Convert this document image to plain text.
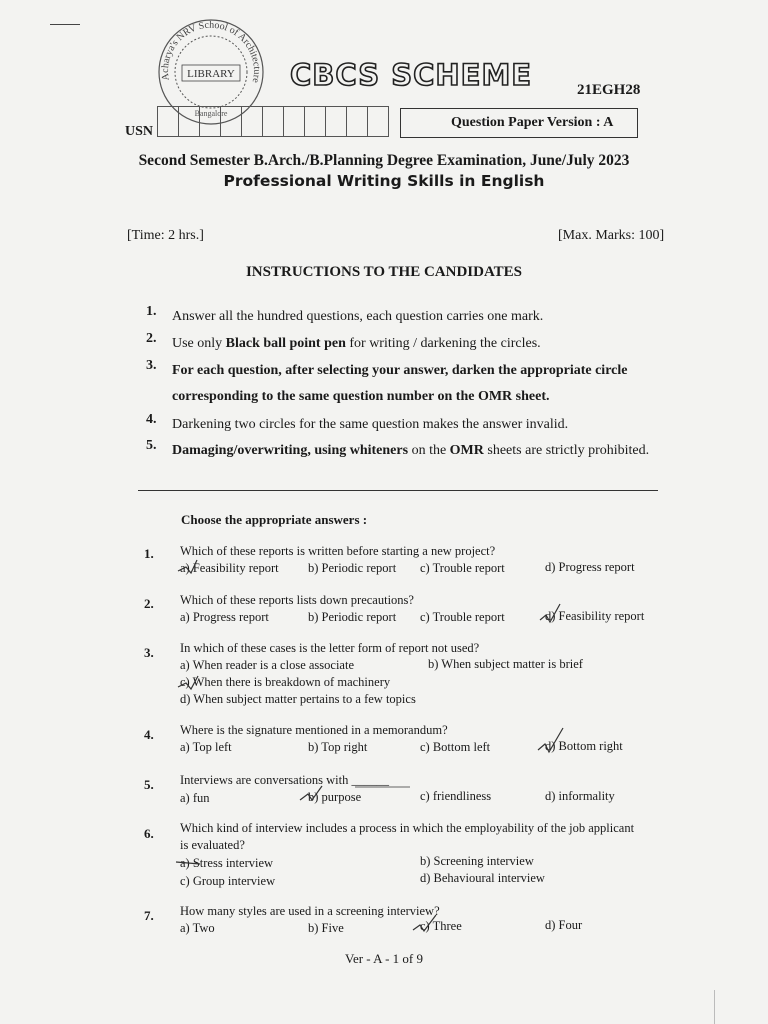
Acharya's NRV School of Architecture
LIBRARY
Bangalore
CBCS SCHEME	21EGH28
USN
Question Paper Version : A
Second Semester B.Arch./B.Planning Degree Examination, June/July 2023
Professional Writing Skills in English
[Time: 2 hrs.]	[Max. Marks: 100]
INSTRUCTIONS TO THE CANDIDATES
1. Answer all the hundred questions, each question carries one mark.
2. Use only Black ball point pen for writing / darkening the circles.
3. For each question, after selecting your answer, darken the appropriate circle corresponding to the same question number on the OMR sheet.
4. Darkening two circles for the same question makes the answer invalid.
5. Damaging/overwriting, using whiteners on the OMR sheets are strictly prohibited.
Choose the appropriate answers :
1. Which of these reports is written before starting a new project?
a) Feasibility report b) Periodic report c) Trouble report	d) Progress report
2. Which of these reports lists down precautions?
a) Progress report	b) Periodic report c) Trouble report	d) Feasibility report
3. In which of these cases is the letter form of report not used?
a) When reader is a close associate	b) When subject matter is brief
c) When there is breakdown of machinery
d) When subject matter pertains to a few topics
4. Where is the signature mentioned in a memorandum?
a) Top left	b) Top right	c) Bottom left	d) Bottom right
5. Interviews are conversations with ______
a) fun	b) purpose	c) friendliness	d) informality
6. Which kind of interview includes a process in which the employability of the job applicant
is evaluated?
a) Stress interview	b) Screening interview
c) Group interview	d) Behavioural interview
7. How many styles are used in a screening interview?
a) Two	b) Five	c) Three	d) Four
Ver - A - 1 of 9
